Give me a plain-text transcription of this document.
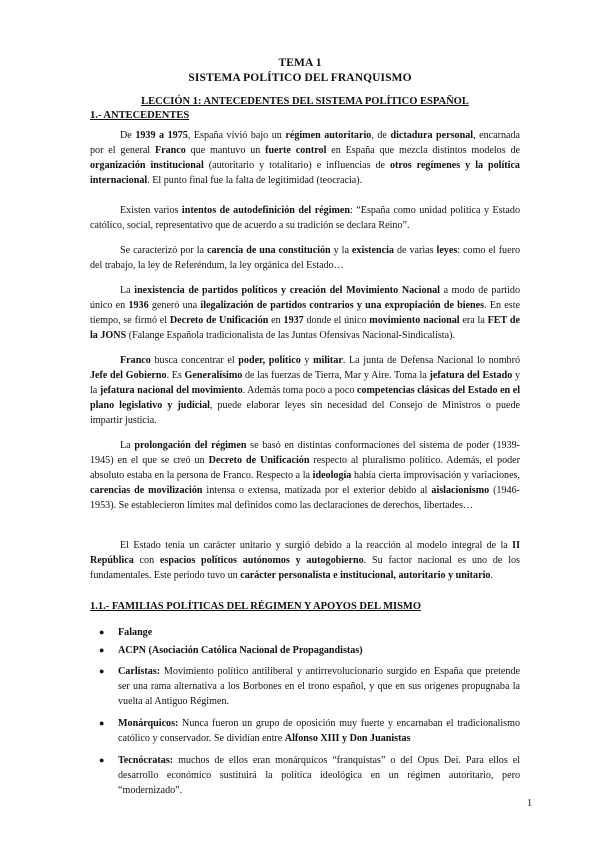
TEMA 1
SISTEMA POLÍTICO DEL FRANQUISMO
LECCIÓN 1: ANTECEDENTES DEL SISTEMA POLÍTICO ESPAÑOL
1.- ANTECEDENTES

De 1939 a 1975, España vivió bajo un régimen autoritario, de dictadura personal, encarnada por el general Franco que mantuvo un fuerte control en España que mezcla distintos modelos de organización institucional (autoritario y totalitario) e influencias de otros regímenes y la política internacional. El punto final fue la falta de legitimidad (teocracia).

Existen varios intentos de autodefinición del régimen: “España como unidad política y Estado católico, social, representativo que de acuerdo a su tradición se declara Reino”.

Se caracterizó por la carencia de una constitución y la existencia de varias leyes: como el fuero del trabajo, la ley de Referéndum, la ley orgánica del Estado…

La inexistencia de partidos políticos y creación del Movimiento Nacional a modo de partido único en 1936 generó una ilegalización de partidos contrarios y una expropiación de bienes. En este tiempo, se firmó el Decreto de Unificación en 1937 donde el único movimiento nacional era la FET de la JONS (Falange Española tradicionalista de las Juntas Ofensivas Nacional-Sindicalista).

Franco busca concentrar el poder, político y militar. La junta de Defensa Nacional lo nombró Jefe del Gobierno. Es Generalísimo de las fuerzas de Tierra, Mar y Aire. Toma la jefatura del Estado y la jefatura nacional del movimiento. Además toma poco a poco competencias clásicas del Estado en el plano legislativo y judicial, puede elaborar leyes sin necesidad del Consejo de Ministros o puede impartir justicia.

La prolongación del régimen se basó en distintas conformaciones del sistema de poder (1939-1945) en el que se creó un Decreto de Unificación respecto al pluralismo político. Además, el poder absoluto estaba en la persona de Franco. Respecto a la ideología había cierta improvisación y variaciones, carencias de movilización intensa o extensa, matizada por el exterior debido al aislacionismo (1946-1953). Se establecieron límites mal definidos como las declaraciones de derechos, libertades…

El Estado tenía un carácter unitario y surgió debido a la reacción al modelo integral de la II República con espacios políticos autónomos y autogobierno. Su factor nacional es uno de los fundamentales. Este periodo tuvo un carácter personalista e institucional, autoritario y unitario.

1.1.- FAMILIAS POLÍTICAS DEL RÉGIMEN Y APOYOS DEL MISMO
● Falange
● ACPN (Asociación Católica Nacional de Propagandistas)
● Carlistas: Movimiento político antiliberal y antirrevolucionario surgido en España que pretende ser una rama alternativa a los Borbones en el trono español, y que en sus orígenes propugnaba la vuelta al Antiguo Régimen.
● Monárquicos: Nunca fueron un grupo de oposición muy fuerte y encarnaban el tradicionalismo católico y conservador. Se dividían entre Alfonso XIII y Don Juanistas
● Tecnócratas: muchos de ellos eran monárquicos “franquistas” o del Opus Dei. Para ellos el desarrollo económico sustituirá la política ideológica en un régimen autoritario, pero “modernizado”.
1
